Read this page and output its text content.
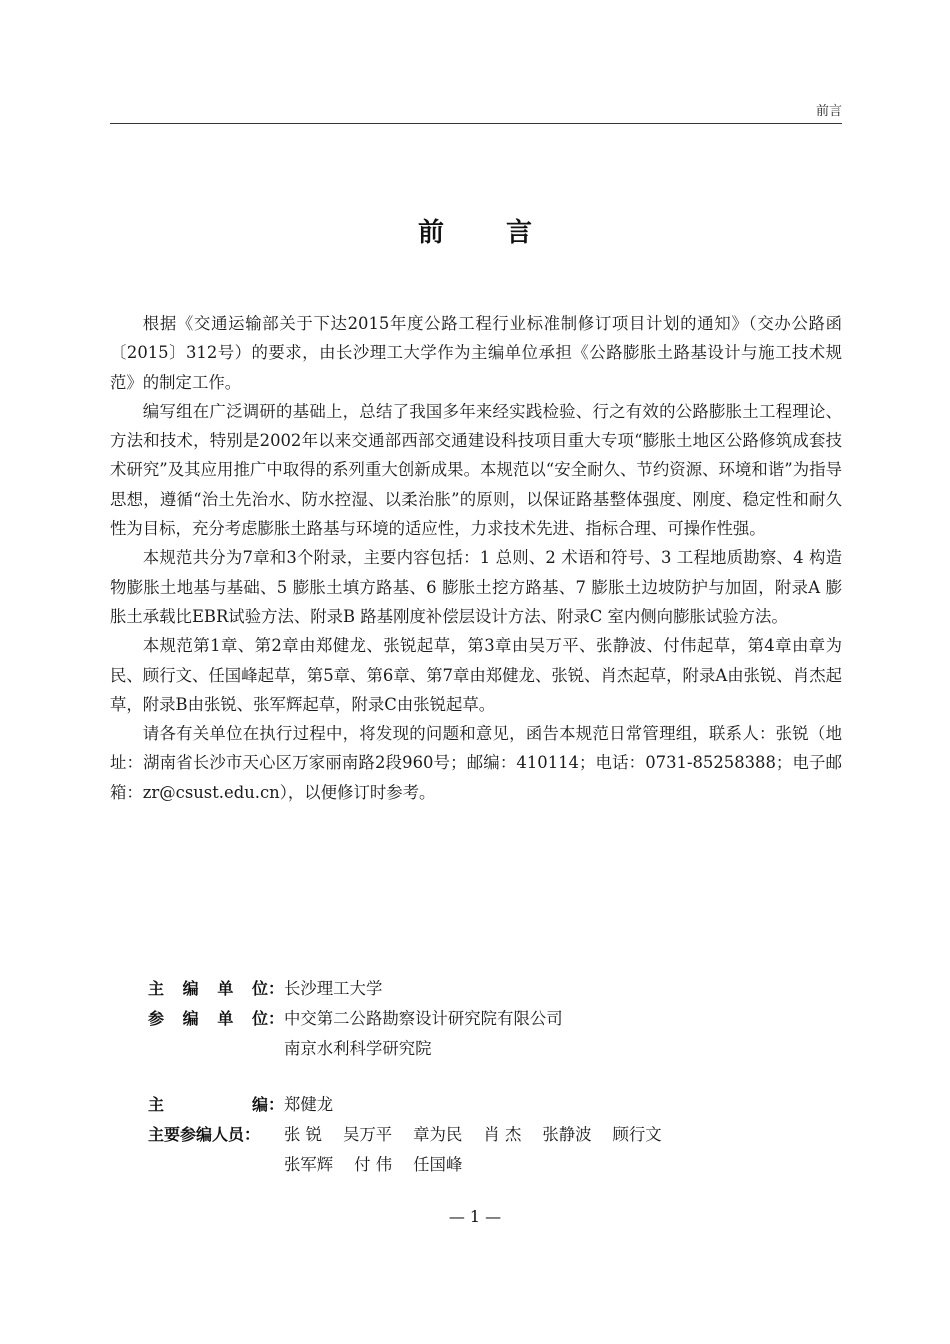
前言
前言

根据《交通运输部关于下达2015年度公路工程行业标准制修订项目计划的通知》（交办公路函〔2015〕312号）的要求，由长沙理工大学作为主编单位承担《公路膨胀土路基设计与施工技术规范》的制定工作。

编写组在广泛调研的基础上，总结了我国多年来经实践检验、行之有效的公路膨胀土工程理论、方法和技术，特别是2002年以来交通部西部交通建设科技项目重大专项“膨胀土地区公路修筑成套技术研究”及其应用推广中取得的系列重大创新成果。本规范以“安全耐久、节约资源、环境和谐”为指导思想，遵循“治土先治水、防水控湿、以柔治胀”的原则，以保证路基整体强度、刚度、稳定性和耐久性为目标，充分考虑膨胀土路基与环境的适应性，力求技术先进、指标合理、可操作性强。

本规范共分为7章和3个附录，主要内容包括：1 总则、2 术语和符号、3 工程地质勘察、4 构造物膨胀土地基与基础、5 膨胀土填方路基、6 膨胀土挖方路基、7 膨胀土边坡防护与加固，附录A 膨胀土承载比EBR试验方法、附录B 路基刚度补偿层设计方法、附录C 室内侧向膨胀试验方法。

本规范第1章、第2章由郑健龙、张锐起草，第3章由吴万平、张静波、付伟起草，第4章由章为民、顾行文、任国峰起草，第5章、第6章、第7章由郑健龙、张锐、肖杰起草，附录A由张锐、肖杰起草，附录B由张锐、张军辉起草，附录C由张锐起草。

请各有关单位在执行过程中，将发现的问题和意见，函告本规范日常管理组，联系人：张锐（地址：湖南省长沙市天心区万家丽南路2段960号；邮编：410114；电话：0731-85258388；电子邮箱：zr@csust.edu.cn），以便修订时参考。

主 编 单 位： 长沙理工大学
参 编 单 位： 中交第二公路勘察设计研究院有限公司
南京水利科学研究院
主	编： 郑健龙
主要参编人员： 张 锐 吴万平 章为民 肖 杰 张静波 顾行文
张军辉 付 伟 任国峰
— 1 —
